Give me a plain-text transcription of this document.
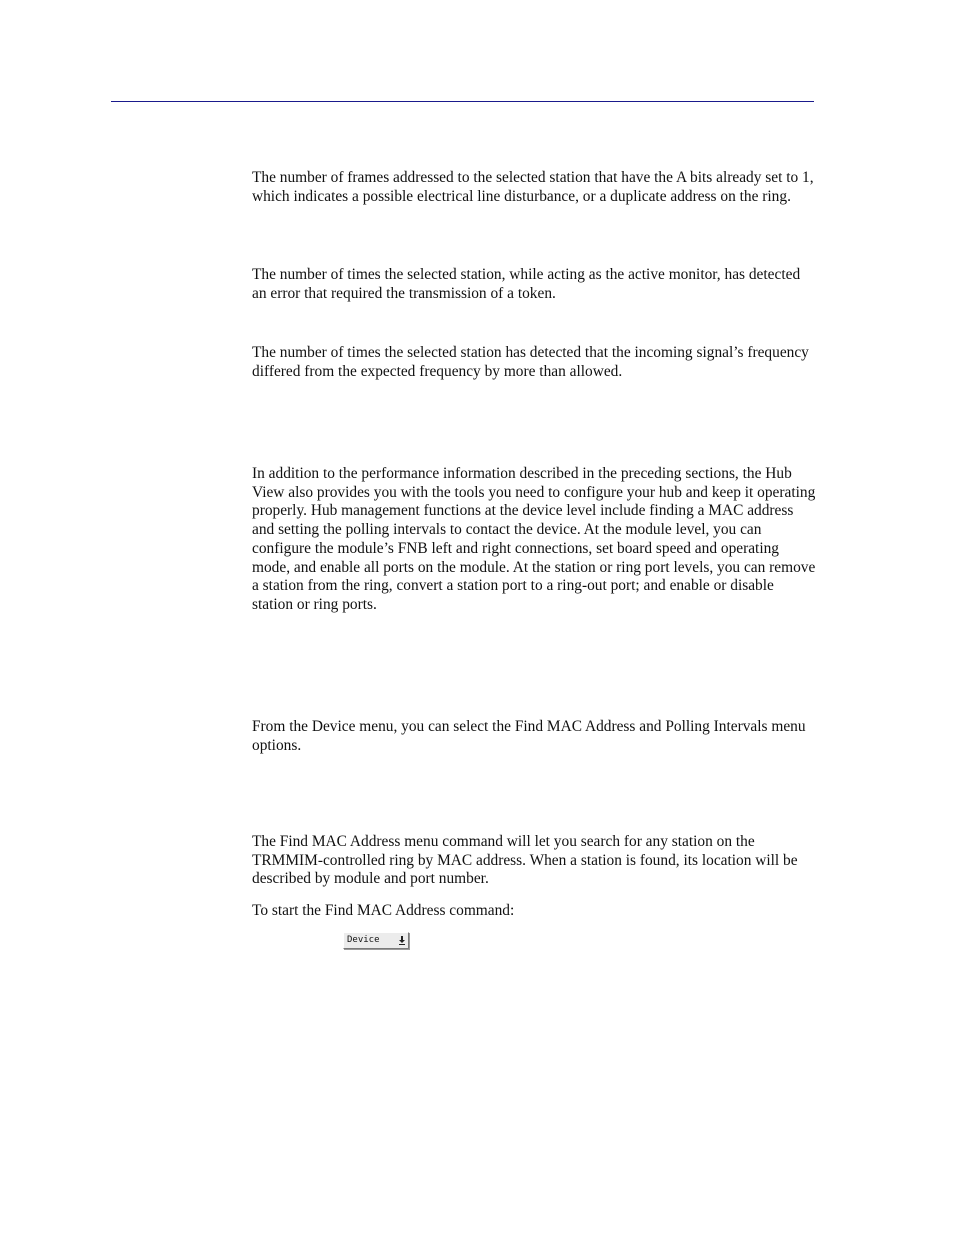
The number of frames addressed to the selected station that have the A bits already set to 1, which indicates a possible electrical line disturbance, or a duplicate address on the ring.

The number of times the selected station, while acting as the active monitor, has detected an error that required the transmission of a token.

The number of times the selected station has detected that the incoming signal’s frequency differed from the expected frequency by more than allowed.

In addition to the performance information described in the preceding sections, the Hub View also provides you with the tools you need to configure your hub and keep it operating properly. Hub management functions at the device level include finding a MAC address and setting the polling intervals to contact the device. At the module level, you can configure the module’s FNB left and right connections, set board speed and operating mode, and enable all ports on the module. At the station or ring port levels, you can remove a station from the ring, convert a station port to a ring-out port; and enable or disable station or ring ports.

From the Device menu, you can select the Find MAC Address and Polling Intervals menu options.

The Find MAC Address menu command will let you search for any station on the TRMMIM-controlled ring by MAC address. When a station is found, its location will be described by module and port number.

To start the Find MAC Address command:

Device
